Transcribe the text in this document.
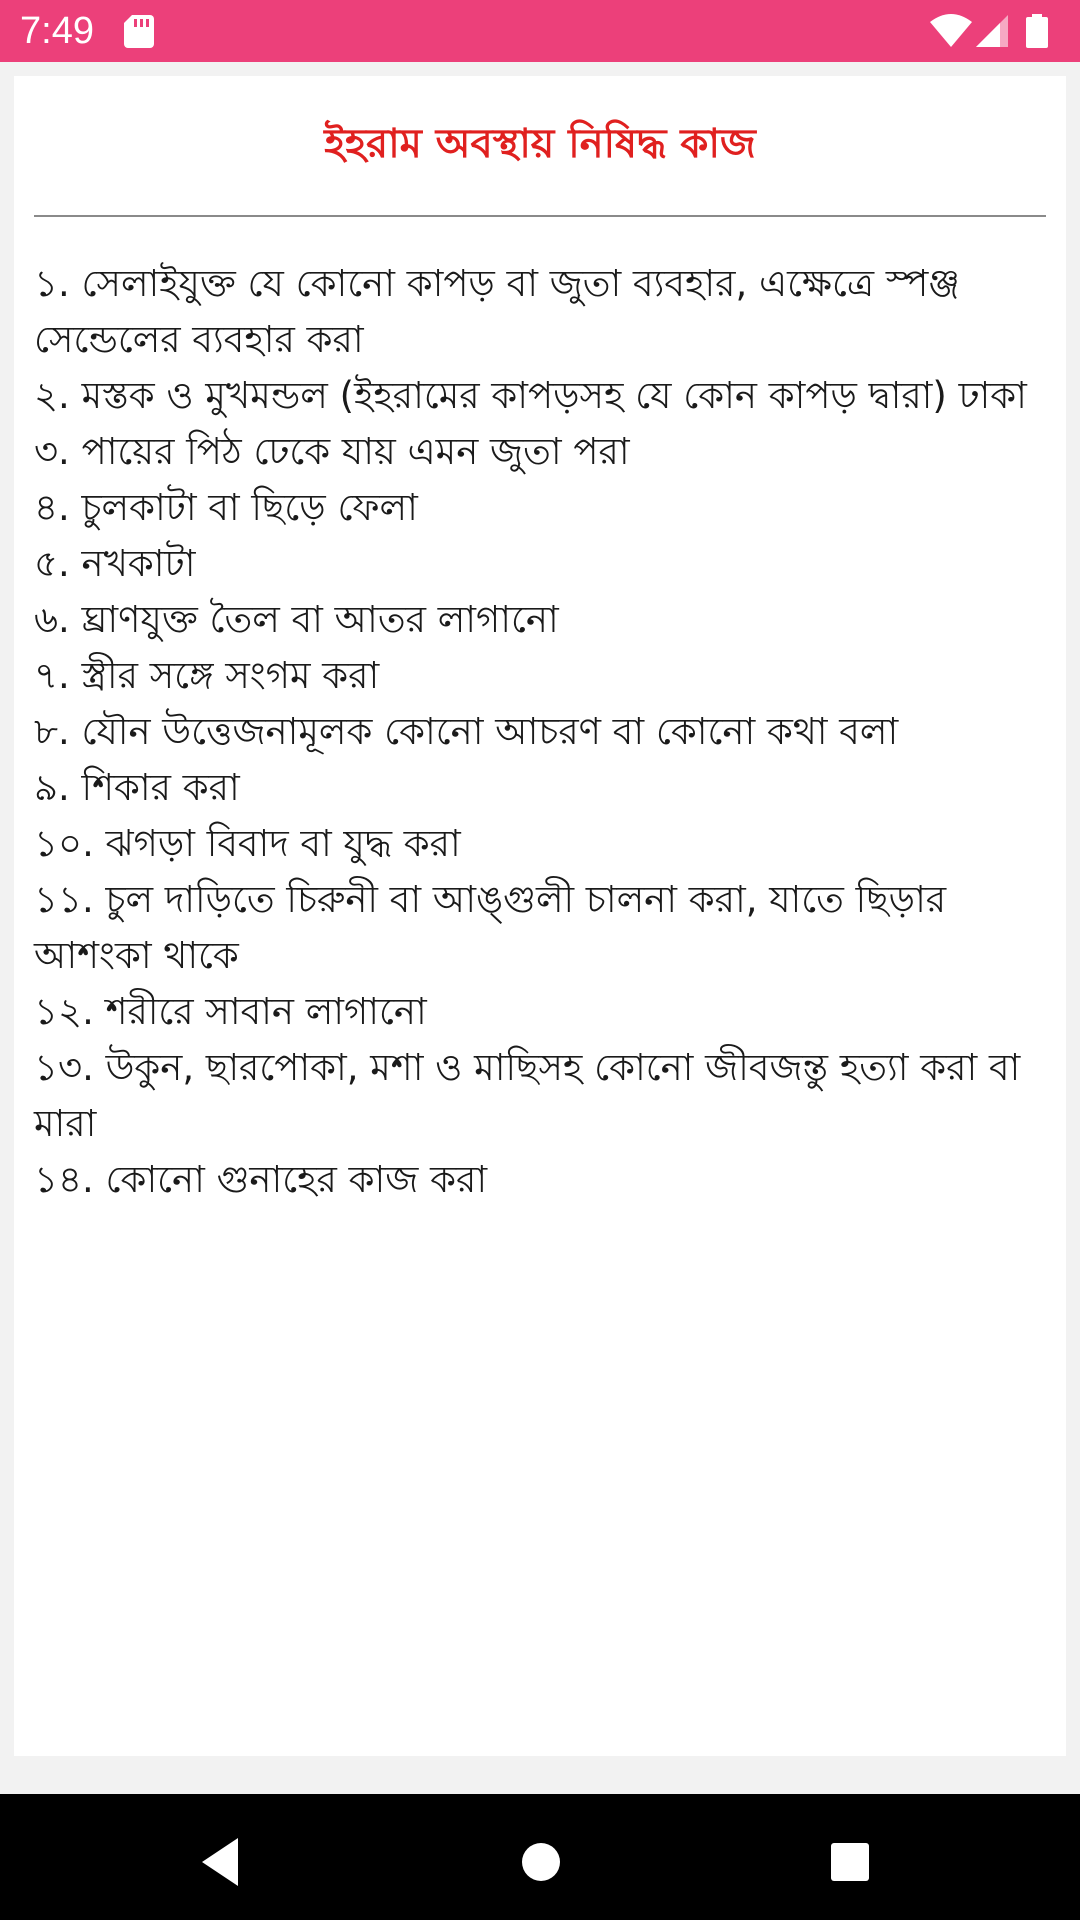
7:49
ইহরাম অবস্থায় নিষিদ্ধ কাজ
১. সেলাইযুক্ত যে কোনো কাপড় বা জুতা ব্যবহার, এক্ষেত্রে স্পঞ্জ সেন্ডেলের ব্যবহার করা
২. মস্তক ও মুখমন্ডল (ইহরামের কাপড়সহ যে কোন কাপড় দ্বারা) ঢাকা
৩. পায়ের পিঠ ঢেকে যায় এমন জুতা পরা
৪. চুলকাটা বা ছিড়ে ফেলা
৫. নখকাটা
৬. ঘ্রাণযুক্ত তৈল বা আতর লাগানো
৭. স্ত্রীর সঙ্গে সংগম করা
৮. যৌন উত্তেজনামূলক কোনো আচরণ বা কোনো কথা বলা
৯. শিকার করা
১০. ঝগড়া বিবাদ বা যুদ্ধ করা
১১. চুল দাড়িতে চিরুনী বা আঙ্গুলী চালনা করা, যাতে ছিড়ার আশংকা থাকে
১২. শরীরে সাবান লাগানো
১৩. উকুন, ছারপোকা, মশা ও মাছিসহ কোনো জীবজন্তু হত্যা করা বা মারা
১৪. কোনো গুনাহের কাজ করা
